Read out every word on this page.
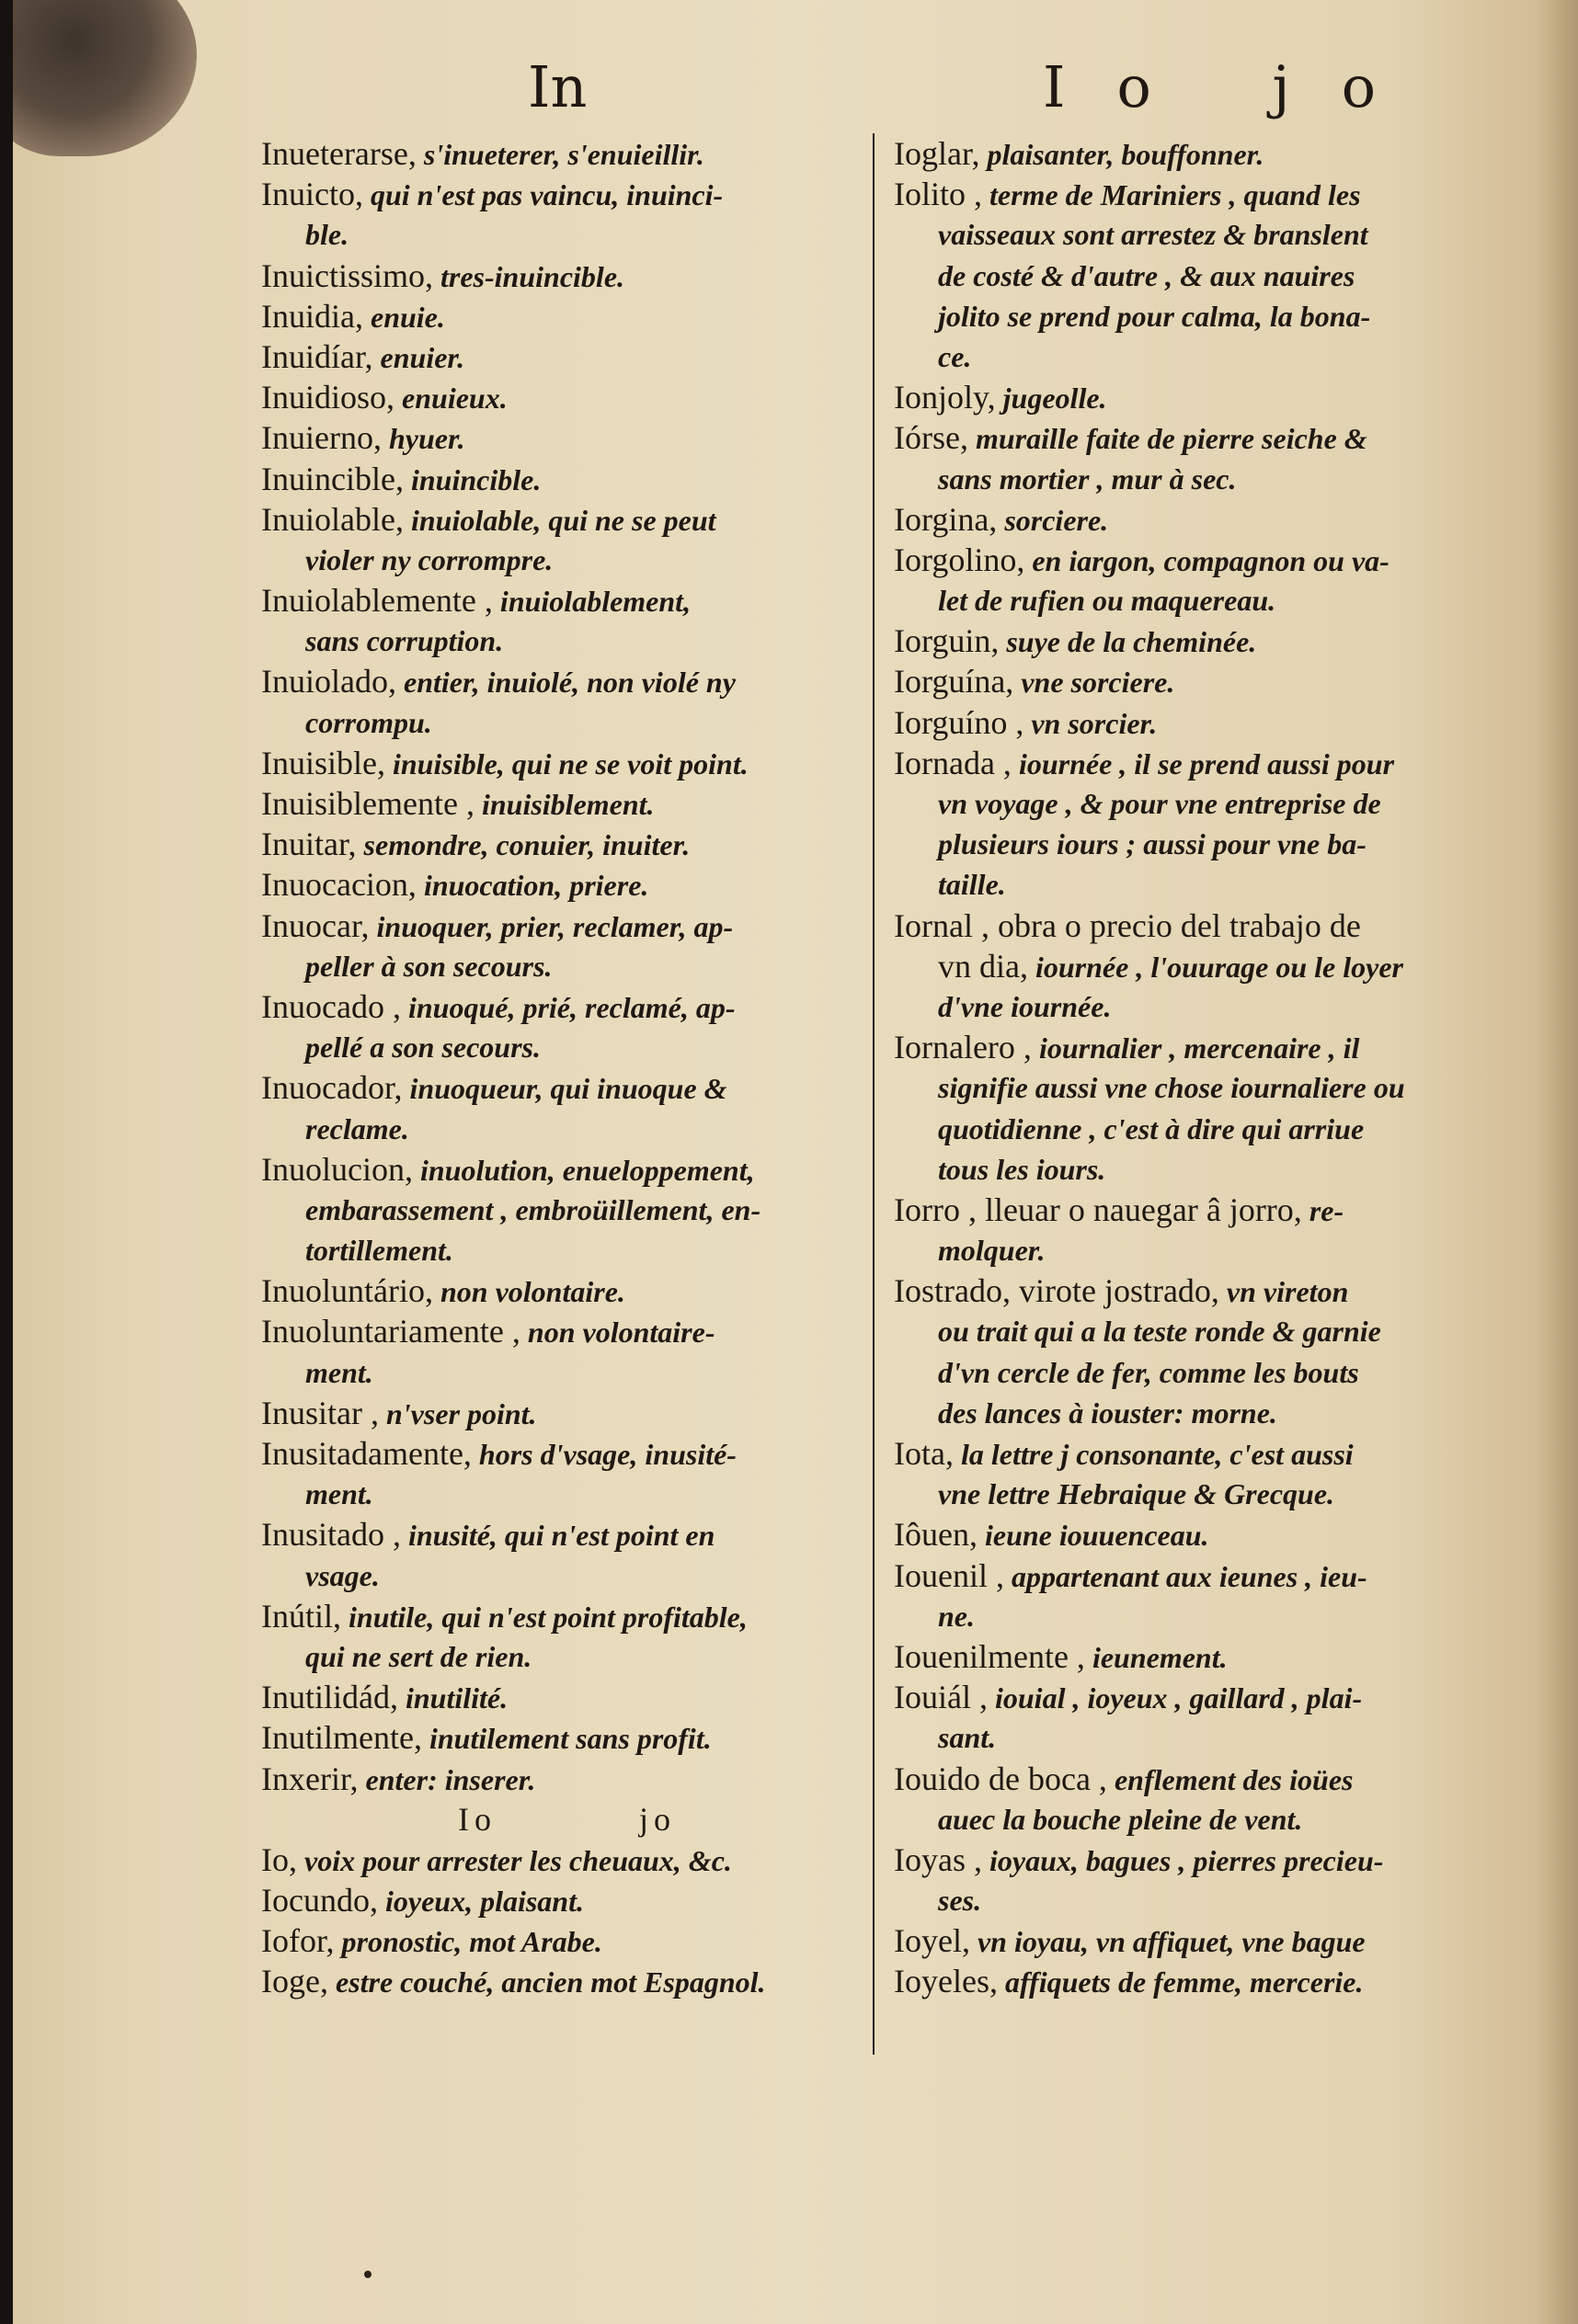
In	Io jo
Inueterarse, s'inueterer, s'enuieillir.
Inuicto, qui n'est pas vaincu, inuinci-
ble.
Inuictissimo, tres-inuincible.
Inuidia, enuie.
Inuidíar, enuier.
Inuidioso, enuieux.
Inuierno, hyuer.
Inuincible, inuincible.
Inuiolable, inuiolable, qui ne se peut
violer ny corrompre.
Inuiolablemente , inuiolablement,
sans corruption.
Inuiolado, entier, inuiolé, non violé ny
corrompu.
Inuisible, inuisible, qui ne se voit point.
Inuisiblemente , inuisiblement.
Inuitar, semondre, conuier, inuiter.
Inuocacion, inuocation, priere.
Inuocar, inuoquer, prier, reclamer, ap-
peller à son secours.
Inuocado , inuoqué, prié, reclamé, ap-
pellé a son secours.
Inuocador, inuoqueur, qui inuoque &
reclame.
Inuolucion, inuolution, enueloppement,
embarassement , embroüillement, en-
tortillement.
Inuoluntário, non volontaire.
Inuoluntariamente , non volontaire-
ment.
Inusitar , n'vser point.
Inusitadamente, hors d'vsage, inusité-
ment.
Inusitado , inusité, qui n'est point en
vsage.
Inútil, inutile, qui n'est point profitable,
qui ne sert de rien.
Inutilidád, inutilité.
Inutilmente, inutilement sans profit.
Inxerir, enter: inserer.
Io jo
Io, voix pour arrester les cheuaux, &c.
Iocundo, ioyeux, plaisant.
Iofor, pronostic, mot Arabe.
Ioge, estre couché, ancien mot Espagnol.
Ioglar, plaisanter, bouffonner.
Iolito , terme de Mariniers , quand les
vaisseaux sont arrestez & branslent
de costé & d'autre , & aux nauires
jolito se prend pour calma, la bona-
ce.
Ionjoly, jugeolle.
Iórse, muraille faite de pierre seiche &
sans mortier , mur à sec.
Iorgina, sorciere.
Iorgolino, en iargon, compagnon ou va-
let de rufien ou maquereau.
Iorguin, suye de la cheminée.
Iorguína, vne sorciere.
Iorguíno , vn sorcier.
Iornada , iournée , il se prend aussi pour
vn voyage , & pour vne entreprise de
plusieurs iours ; aussi pour vne ba-
taille.
Iornal , obra o precio del trabajo de
vn dia, iournée , l'ouurage ou le loyer
d'vne iournée.
Iornalero , iournalier , mercenaire , il
signifie aussi vne chose iournaliere ou
quotidienne , c'est à dire qui arriue
tous les iours.
Iorro , lleuar o nauegar â jorro, re-
molquer.
Iostrado, virote jostrado, vn vireton
ou trait qui a la teste ronde & garnie
d'vn cercle de fer, comme les bouts
des lances à iouster: morne.
Iota, la lettre j consonante, c'est aussi
vne lettre Hebraique & Grecque.
Iôuen, ieune iouuenceau.
Iouenil , appartenant aux ieunes , ieu-
ne.
Iouenilmente , ieunement.
Iouiál , iouial , ioyeux , gaillard , plai-
sant.
Iouido de boca , enflement des ioües
auec la bouche pleine de vent.
Ioyas , ioyaux, bagues , pierres precieu-
ses.
Ioyel, vn ioyau, vn affiquet, vne bague
Ioyeles, affiquets de femme, mercerie.
